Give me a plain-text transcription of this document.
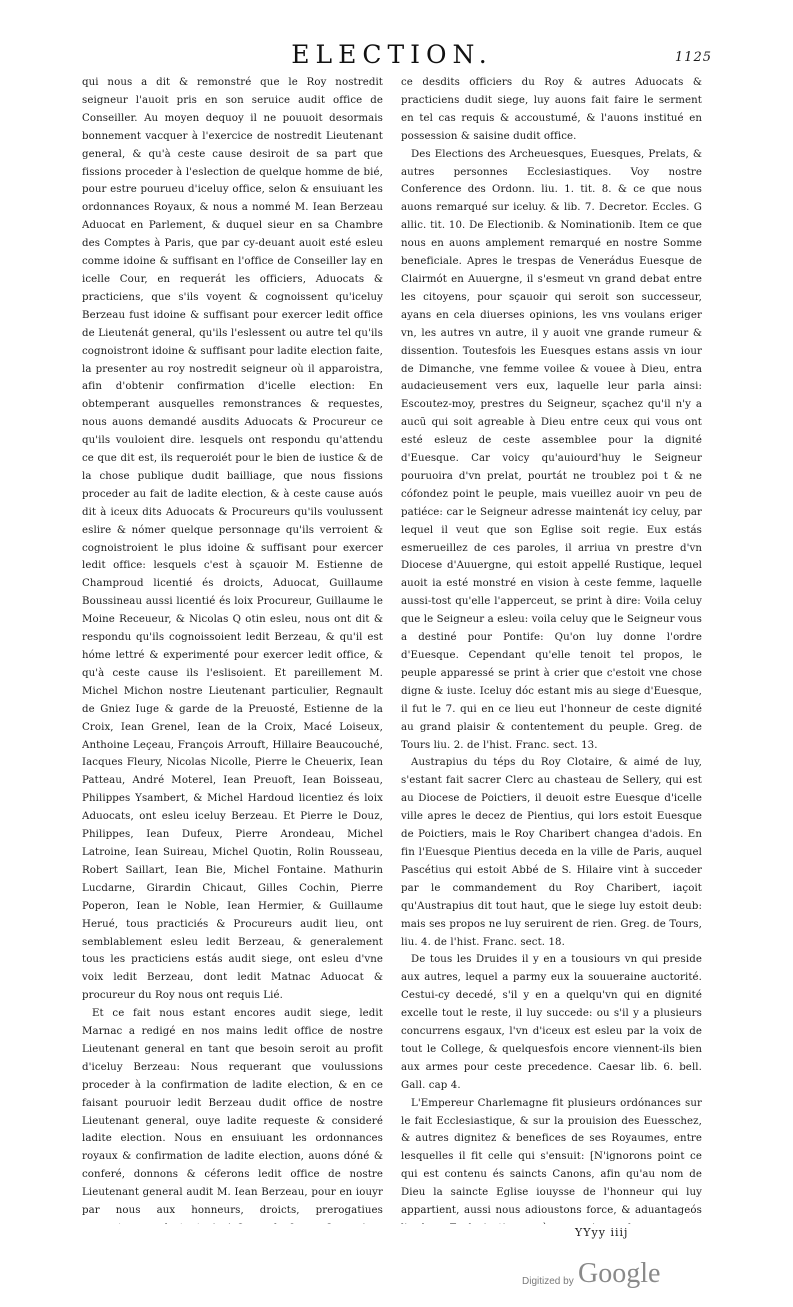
ELECTION.	1125

qui nous a dit & remonstré que le Roy nostredit seigneur l'auoit pris en son seruice audit office de Conseiller. Au moyen dequoy il ne pouuoit desormais bonnement vacquer à l'exercice de nostredit Lieutenant general, & qu'à ceste cause desiroit de sa part que fissions proceder à l'eslection de quelque homme de bié, pour estre pourueu d'iceluy office, selon & ensuiuant les ordonnances Royaux, & nous a nommé M. Iean Berzeau Aduocat en Parlement, & duquel sieur en sa Chambre des Comptes à Paris, que par cy-deuant auoit esté esleu comme idoine & suffisant en l'office de Conseiller lay en icelle Cour, en requerát les officiers, Aduocats & practiciens, que s'ils voyent & cognoissent qu'iceluy Berzeau fust idoine & suffisant pour exercer ledit office de Lieutenát general, qu'ils l'eslessent ou autre tel qu'ils cognoistront idoine & suffisant pour ladite election faite, la presenter au roy nostredit seigneur où il apparoistra, afin d'obtenir confirmation d'icelle election: En obtemperant ausquelles remonstrances & requestes, nous auons demandé ausdits Aduocats & Procureur ce qu'ils vouloient dire. lesquels ont respondu qu'attendu ce que dit est, ils requeroiét pour le bien de iustice & de la chose publique dudit bailliage, que nous fissions proceder au fait de ladite election, & à ceste cause auós dit à iceux dits Aduocats & Procureurs qu'ils voulussent eslire & nómer quelque personnage qu'ils verroient & cognoistroient le plus idoine & suffisant pour exercer ledit office: lesquels c'est à sçauoir M. Estienne de Champroud licentié és droicts, Aduocat, Guillaume Boussineau aussi licentié és loix Procureur, Guillaume le Moine Receueur, & Nicolas Q otin esleu, nous ont dit & respondu qu'ils cognoissoient ledit Berzeau, & qu'il est hóme lettré & experimenté pour exercer ledit office, & qu'à ceste cause ils l'eslisoient. Et pareillement M. Michel Michon nostre Lieutenant particulier, Regnault de Gniez Iuge & garde de la Preuosté, Estienne de la Croix, Iean Grenel, Iean de la Croix, Macé Loiseux, Anthoine Leçeau, François Arrouft, Hillaire Beaucouché, Iacques Fleury, Nicolas Nicolle, Pierre le Cheuerix, Iean Patteau, André Moterel, Iean Preuoft, Iean Boisseau, Philippes Ysambert, & Michel Hardoud licentiez és loix Aduocats, ont esleu iceluy Berzeau. Et Pierre le Douz, Philippes, Iean Dufeux, Pierre Arondeau, Michel Latroine, Iean Suireau, Michel Quotin, Rolin Rousseau, Robert Saillart, Iean Bie, Michel Fontaine. Mathurin Lucdarne, Girardin Chicaut, Gilles Cochin, Pierre Poperon, Iean le Noble, Iean Hermier, & Guillaume Herué, tous practiciés & Procureurs audit lieu, ont semblablement esleu ledit Berzeau, & generalement tous les practiciens estás audit siege, ont esleu d'vne voix ledit Berzeau, dont ledit Matnac Aduocat & procureur du Roy nous ont requis Lié.

Et ce fait nous estant encores audit siege, ledit Marnac a redigé en nos mains ledit office de nostre Lieutenant general en tant que besoin seroit au profit d'iceluy Berzeau: Nous requerant que voulussions proceder à la confirmation de ladite election, & en ce faisant pouruoir ledit Berzeau dudit office de nostre Lieutenant general, ouye ladite requeste & consideré ladite election. Nous en ensuiuant les ordonnances royaux & confirmation de ladite election, auons dóné & conferé, donnons & céferons ledit office de nostre Lieutenant general audit M. Iean Berzeau, pour en iouyr par nous aux honneurs, droicts, prerogatiues

ce desdits officiers du Roy & autres Aduocats & practiciens dudit siege, luy auons fait faire le serment en tel cas requis & accoustumé, & l'auons institué en possession & saisine dudit office.

Des Elections des Archeuesques, Euesques, Prelats, & autres personnes Ecclesiastiques. Voy nostre Conference des Ordonn. liu. 1. tit. 8. & ce que nous auons remarqué sur iceluy. & lib. 7. Decretor. Eccles. G allic. tit. 10. De Electionib. & Nominationib. Item ce que nous en auons amplement remarqué en nostre Somme beneficiale. Apres le trespas de Venerádus Euesque de Clairmót en Auuergne, il s'esmeut vn grand debat entre les citoyens, pour sçauoir qui seroit son successeur, ayans en cela diuerses opinions, les vns voulans eriger vn, les autres vn autre, il y auoit vne grande rumeur & dissention. Toutesfois les Euesques estans assis vn iour de Dimanche, vne femme voilee & vouee à Dieu, entra audacieusement vers eux, laquelle leur parla ainsi: Escoutez-moy, prestres du Seigneur, sçachez qu'il n'y a aucũ qui soit agreable à Dieu entre ceux qui vous ont esté esleuz de ceste assemblee pour la dignité d'Euesque. Car voicy qu'auiourd'huy le Seigneur pouruoira d'vn prelat, pourtát ne troublez poi t & ne cófondez point le peuple, mais vueillez auoir vn peu de patiéce: car le Seigneur adresse maintenát icy celuy, par lequel il veut que son Eglise soit regie. Eux estás esmerueillez de ces paroles, il arriua vn prestre d'vn Diocese d'Auuergne, qui estoit appellé Rustique, lequel auoit ia esté monstré en vision à ceste femme, laquelle aussi-tost qu'elle l'apperceut, se print à dire: Voila celuy que le Seigneur a esleu: voila celuy que le Seigneur vous a destiné pour Pontife: Qu'on luy donne l'ordre d'Euesque. Cependant qu'elle tenoit tel propos, le peuple apparessé se print à crier que c'estoit vne chose digne & iuste. Iceluy dóc estant mis au siege d'Euesque, il fut le 7. qui en ce lieu eut l'honneur de ceste dignité au grand plaisir & contentement du peuple. Greg. de Tours liu. 2. de l'hist. Franc. sect. 13.

Austrapius du téps du Roy Clotaire, & aimé de luy, s'estant fait sacrer Clerc au chasteau de Sellery, qui est au Diocese de Poictiers, il deuoit estre Euesque d'icelle ville apres le decez de Pientius, qui lors estoit Euesque de Poictiers, mais le Roy Charibert changea d'adois. En fin l'Euesque Pientius deceda en la ville de Paris, auquel Pascétius qui estoit Abbé de S. Hilaire vint à succeder par le commandement du Roy Charibert, iaçoit qu'Austrapius dit tout haut, que le siege luy estoit deub: mais ses propos ne luy seruirent de rien. Greg. de Tours, liu. 4. de l'hist. Franc. sect. 18.

De tous les Druides il y en a tousiours vn qui preside aux autres, lequel a parmy eux la souueraine auctorité. Cestui-cy decedé, s'il y en a quelqu'vn qui en dignité excelle tout le reste, il luy succede: ou s'il y a plusieurs concurrens esgaux, l'vn d'iceux est esleu par la voix de tout le College, & quelquesfois encore viennent-ils bien aux armes pour ceste precedence. Caesar lib. 6. bell. Gall. cap 4.

L'Empereur Charlemagne fit plusieurs ordónances sur le fait Ecclesiastique, & sur la prouision des Euesschez, & autres dignitez & benefices de ses Royaumes, entre lesquelles il fit celle qui s'ensuit: [N'ignorons point ce qui est contenu és saincts Canons, afin qu'au nom de Dieu la saincte Eglise iouysse de l'honneur qui luy appartient, aussi nous adioustons force, & aduantageós

YYyy iiij
Digitized by Google
